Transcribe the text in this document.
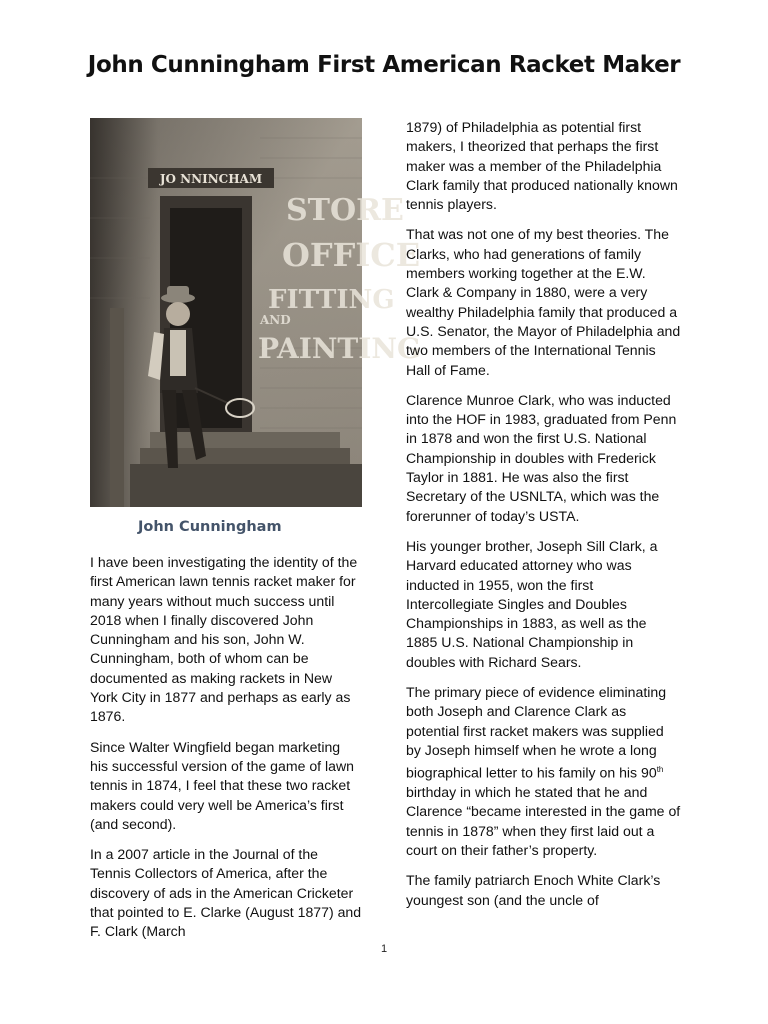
John Cunningham First American Racket Maker
JO NNINCHAM
STORE
OFFICE
FITTING
AND
PAINTING
John Cunningham

I have been investigating the identity of the first American lawn tennis racket maker for many years without much success until 2018 when I finally discovered John Cunningham and his son, John W. Cunningham, both of whom can be documented as making rackets in New York City in 1877 and perhaps as early as 1876.

Since Walter Wingfield began marketing his successful version of the game of lawn tennis in 1874, I feel that these two racket makers could very well be America’s first (and second).

In a 2007 article in the Journal of the Tennis Collectors of America, after the discovery of ads in the American Cricketer that pointed to E. Clarke (August 1877) and F. Clark (March

1879) of Philadelphia as potential first makers, I theorized that perhaps the first maker was a member of the Philadelphia Clark family that produced nationally known tennis players.

That was not one of my best theories. The Clarks, who had generations of family members working together at the E.W. Clark & Company in 1880, were a very wealthy Philadelphia family that produced a U.S. Senator, the Mayor of Philadelphia and two members of the International Tennis Hall of Fame.

Clarence Munroe Clark, who was inducted into the HOF in 1983, graduated from Penn in 1878 and won the first U.S. National Championship in doubles with Frederick Taylor in 1881. He was also the first Secretary of the USNLTA, which was the forerunner of today’s USTA.

His younger brother, Joseph Sill Clark, a Harvard educated attorney who was inducted in 1955, won the first Intercollegiate Singles and Doubles Championships in 1883, as well as the 1885 U.S. National Championship in doubles with Richard Sears.

The primary piece of evidence eliminating both Joseph and Clarence Clark as potential first racket makers was supplied by Joseph himself when he wrote a long biographical letter to his family on his 90th birthday in which he stated that he and Clarence “became interested in the game of tennis in 1878” when they first laid out a court on their father’s property.

The family patriarch Enoch White Clark’s youngest son (and the uncle of

1
